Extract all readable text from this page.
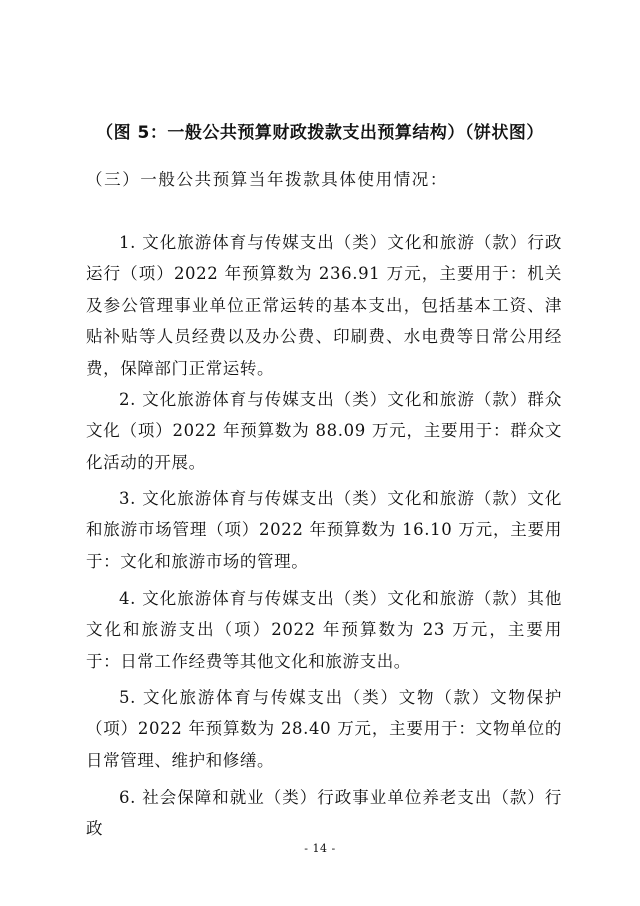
（图 5：一般公共预算财政拨款支出预算结构）（饼状图）
（三）一般公共预算当年拨款具体使用情况：

1. 文化旅游体育与传媒支出（类）文化和旅游（款）行政运行（项）2022 年预算数为 236.91 万元，主要用于：机关及参公管理事业单位正常运转的基本支出，包括基本工资、津贴补贴等人员经费以及办公费、印刷费、水电费等日常公用经费，保障部门正常运转。

2. 文化旅游体育与传媒支出（类）文化和旅游（款）群众文化（项）2022 年预算数为 88.09 万元，主要用于：群众文化活动的开展。

3. 文化旅游体育与传媒支出（类）文化和旅游（款）文化和旅游市场管理（项）2022 年预算数为 16.10 万元，主要用于：文化和旅游市场的管理。

4. 文化旅游体育与传媒支出（类）文化和旅游（款）其他文化和旅游支出（项）2022 年预算数为 23 万元，主要用于：日常工作经费等其他文化和旅游支出。

5. 文化旅游体育与传媒支出（类）文物（款）文物保护（项）2022 年预算数为 28.40 万元，主要用于：文物单位的日常管理、维护和修缮。

6. 社会保障和就业（类）行政事业单位养老支出（款）行政

- 14 -
